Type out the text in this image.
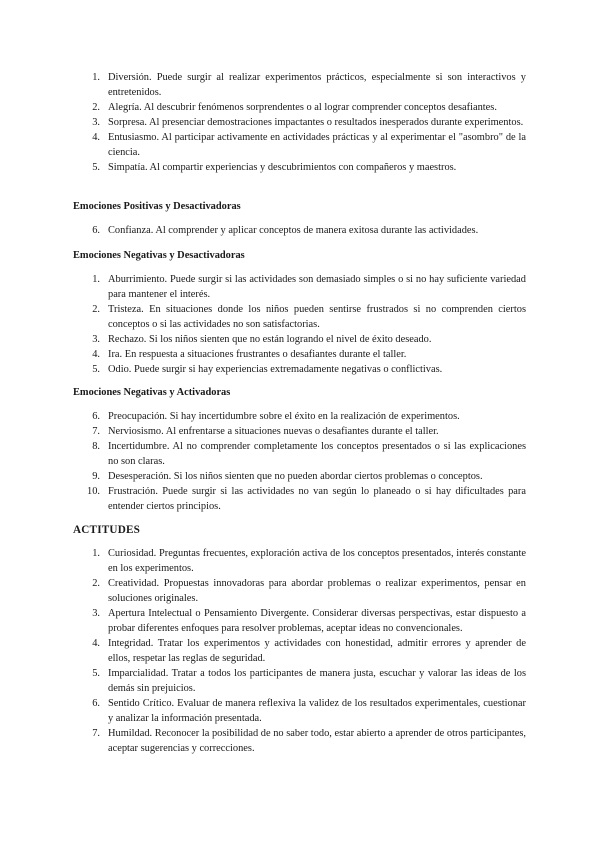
1. Diversión. Puede surgir al realizar experimentos prácticos, especialmente si son interactivos y entretenidos.
2. Alegría. Al descubrir fenómenos sorprendentes o al lograr comprender conceptos desafiantes.
3. Sorpresa. Al presenciar demostraciones impactantes o resultados inesperados durante experimentos.
4. Entusiasmo. Al participar activamente en actividades prácticas y al experimentar el "asombro" de la ciencia.
5. Simpatía. Al compartir experiencias y descubrimientos con compañeros y maestros.
Emociones Positivas y Desactivadoras
6. Confianza. Al comprender y aplicar conceptos de manera exitosa durante las actividades.
Emociones Negativas y Desactivadoras
1. Aburrimiento. Puede surgir si las actividades son demasiado simples o si no hay suficiente variedad para mantener el interés.
2. Tristeza. En situaciones donde los niños pueden sentirse frustrados si no comprenden ciertos conceptos o si las actividades no son satisfactorias.
3. Rechazo. Si los niños sienten que no están logrando el nivel de éxito deseado.
4. Ira. En respuesta a situaciones frustrantes o desafiantes durante el taller.
5. Odio. Puede surgir si hay experiencias extremadamente negativas o conflictivas.
Emociones Negativas y Activadoras
6. Preocupación. Si hay incertidumbre sobre el éxito en la realización de experimentos.
7. Nerviosismo. Al enfrentarse a situaciones nuevas o desafiantes durante el taller.
8. Incertidumbre. Al no comprender completamente los conceptos presentados o si las explicaciones no son claras.
9. Desesperación. Si los niños sienten que no pueden abordar ciertos problemas o conceptos.
10. Frustración. Puede surgir si las actividades no van según lo planeado o si hay dificultades para entender ciertos principios.
ACTITUDES
1. Curiosidad. Preguntas frecuentes, exploración activa de los conceptos presentados, interés constante en los experimentos.
2. Creatividad. Propuestas innovadoras para abordar problemas o realizar experimentos, pensar en soluciones originales.
3. Apertura Intelectual o Pensamiento Divergente. Considerar diversas perspectivas, estar dispuesto a probar diferentes enfoques para resolver problemas, aceptar ideas no convencionales.
4. Integridad. Tratar los experimentos y actividades con honestidad, admitir errores y aprender de ellos, respetar las reglas de seguridad.
5. Imparcialidad. Tratar a todos los participantes de manera justa, escuchar y valorar las ideas de los demás sin prejuicios.
6. Sentido Crítico. Evaluar de manera reflexiva la validez de los resultados experimentales, cuestionar y analizar la información presentada.
7. Humildad. Reconocer la posibilidad de no saber todo, estar abierto a aprender de otros participantes, aceptar sugerencias y correcciones.
